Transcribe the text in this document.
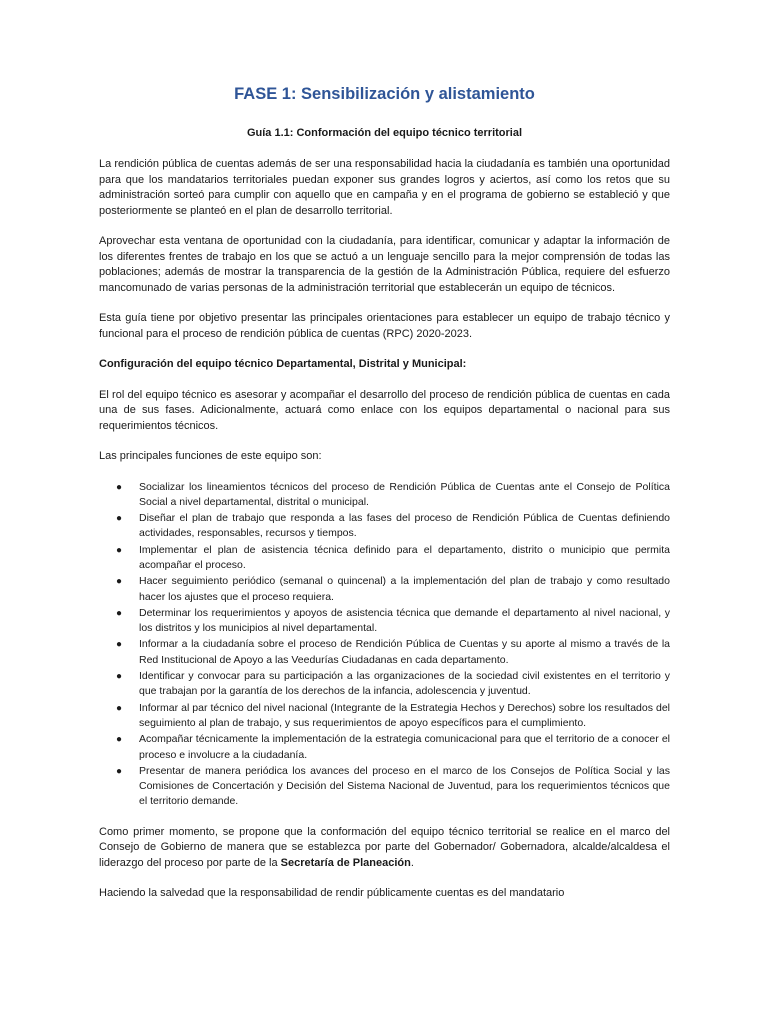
FASE 1: Sensibilización y alistamiento
Guía 1.1: Conformación del equipo técnico territorial

La rendición pública de cuentas además de ser una responsabilidad hacia la ciudadanía es también una oportunidad para que los mandatarios territoriales puedan exponer sus grandes logros y aciertos, así como los retos que su administración sorteó para cumplir con aquello que en campaña y en el programa de gobierno se estableció y que posteriormente se planteó en el plan de desarrollo territorial.

Aprovechar esta ventana de oportunidad con la ciudadanía, para identificar, comunicar y adaptar la información de los diferentes frentes de trabajo en los que se actuó a un lenguaje sencillo para la mejor comprensión de todas las poblaciones; además de mostrar la transparencia de la gestión de la Administración Pública, requiere del esfuerzo mancomunado de varias personas de la administración territorial que establecerán un equipo de técnicos.

Esta guía tiene por objetivo presentar las principales orientaciones para establecer un equipo de trabajo técnico y funcional para el proceso de rendición pública de cuentas (RPC) 2020-2023.

Configuración del equipo técnico Departamental, Distrital y Municipal:

El rol del equipo técnico es asesorar y acompañar el desarrollo del proceso de rendición pública de cuentas en cada una de sus fases. Adicionalmente, actuará como enlace con los equipos departamental o nacional para sus requerimientos técnicos.

Las principales funciones de este equipo son:

● Socializar los lineamientos técnicos del proceso de Rendición Pública de Cuentas ante el Consejo de Política Social a nivel departamental, distrital o municipal.
● Diseñar el plan de trabajo que responda a las fases del proceso de Rendición Pública de Cuentas definiendo actividades, responsables, recursos y tiempos.
● Implementar el plan de asistencia técnica definido para el departamento, distrito o municipio que permita acompañar el proceso.
● Hacer seguimiento periódico (semanal o quincenal) a la implementación del plan de trabajo y como resultado hacer los ajustes que el proceso requiera.
● Determinar los requerimientos y apoyos de asistencia técnica que demande el departamento al nivel nacional, y los distritos y los municipios al nivel departamental.
● Informar a la ciudadanía sobre el proceso de Rendición Pública de Cuentas y su aporte al mismo a través de la Red Institucional de Apoyo a las Veedurías Ciudadanas en cada departamento.
● Identificar y convocar para su participación a las organizaciones de la sociedad civil existentes en el territorio y que trabajan por la garantía de los derechos de la infancia, adolescencia y juventud.
● Informar al par técnico del nivel nacional (Integrante de la Estrategia Hechos y Derechos) sobre los resultados del seguimiento al plan de trabajo, y sus requerimientos de apoyo específicos para el cumplimiento.
● Acompañar técnicamente la implementación de la estrategia comunicacional para que el territorio de a conocer el proceso e involucre a la ciudadanía.
● Presentar de manera periódica los avances del proceso en el marco de los Consejos de Política Social y las Comisiones de Concertación y Decisión del Sistema Nacional de Juventud, para los requerimientos técnicos que el territorio demande.

Como primer momento, se propone que la conformación del equipo técnico territorial se realice en el marco del Consejo de Gobierno de manera que se establezca por parte del Gobernador/ Gobernadora, alcalde/alcaldesa el liderazgo del proceso por parte de la Secretaría de Planeación.

Haciendo la salvedad que la responsabilidad de rendir públicamente cuentas es del mandatario
